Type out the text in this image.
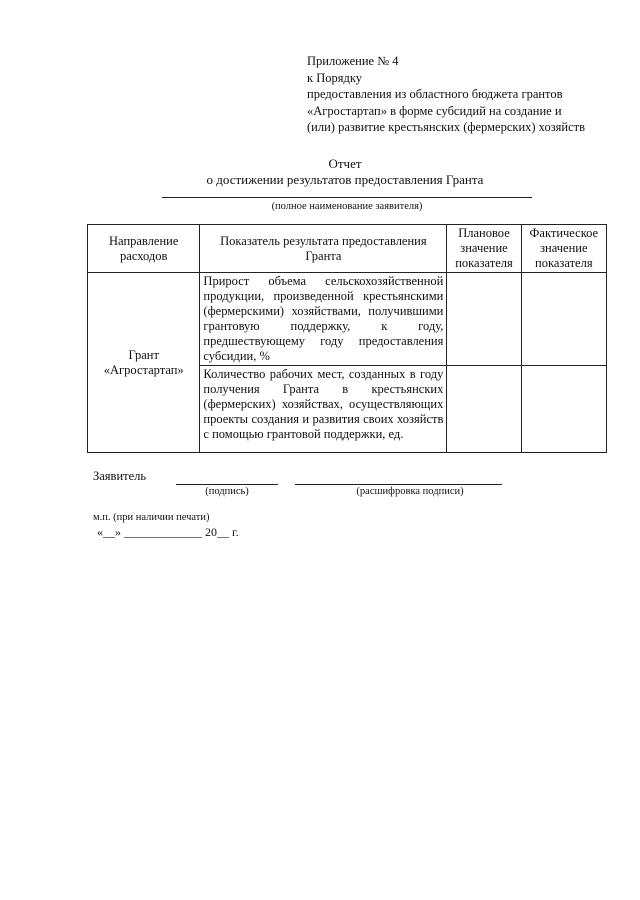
Приложение № 4
к Порядку
предоставления из областного бюджета грантов
«Агростартап» в форме субсидий на создание и
(или) развитие крестьянских (фермерских) хозяйств
Отчет
о достижении результатов предоставления Гранта
(полное наименование заявителя)
Направление расходов	Показатель результата предоставления Гранта	Плановое значение показателя	Фактическое значение показателя
Грант «Агростартап»	Прирост объема сельскохозяйственной продукции, произведенной крестьянскими (фермерскими) хозяйствами, получившими грантовую поддержку, к году, предшествующему году предоставления субсидии, %		
	Количество рабочих мест, созданных в году получения Гранта в крестьянских (фермерских) хозяйствах, осуществляющих проекты создания и развития своих хозяйств с помощью грантовой поддержки, ед.		
Заявитель
(подпись)	(расшифровка подписи)
м.п. (при наличии печати)
«__» _____________ 20__ г.
